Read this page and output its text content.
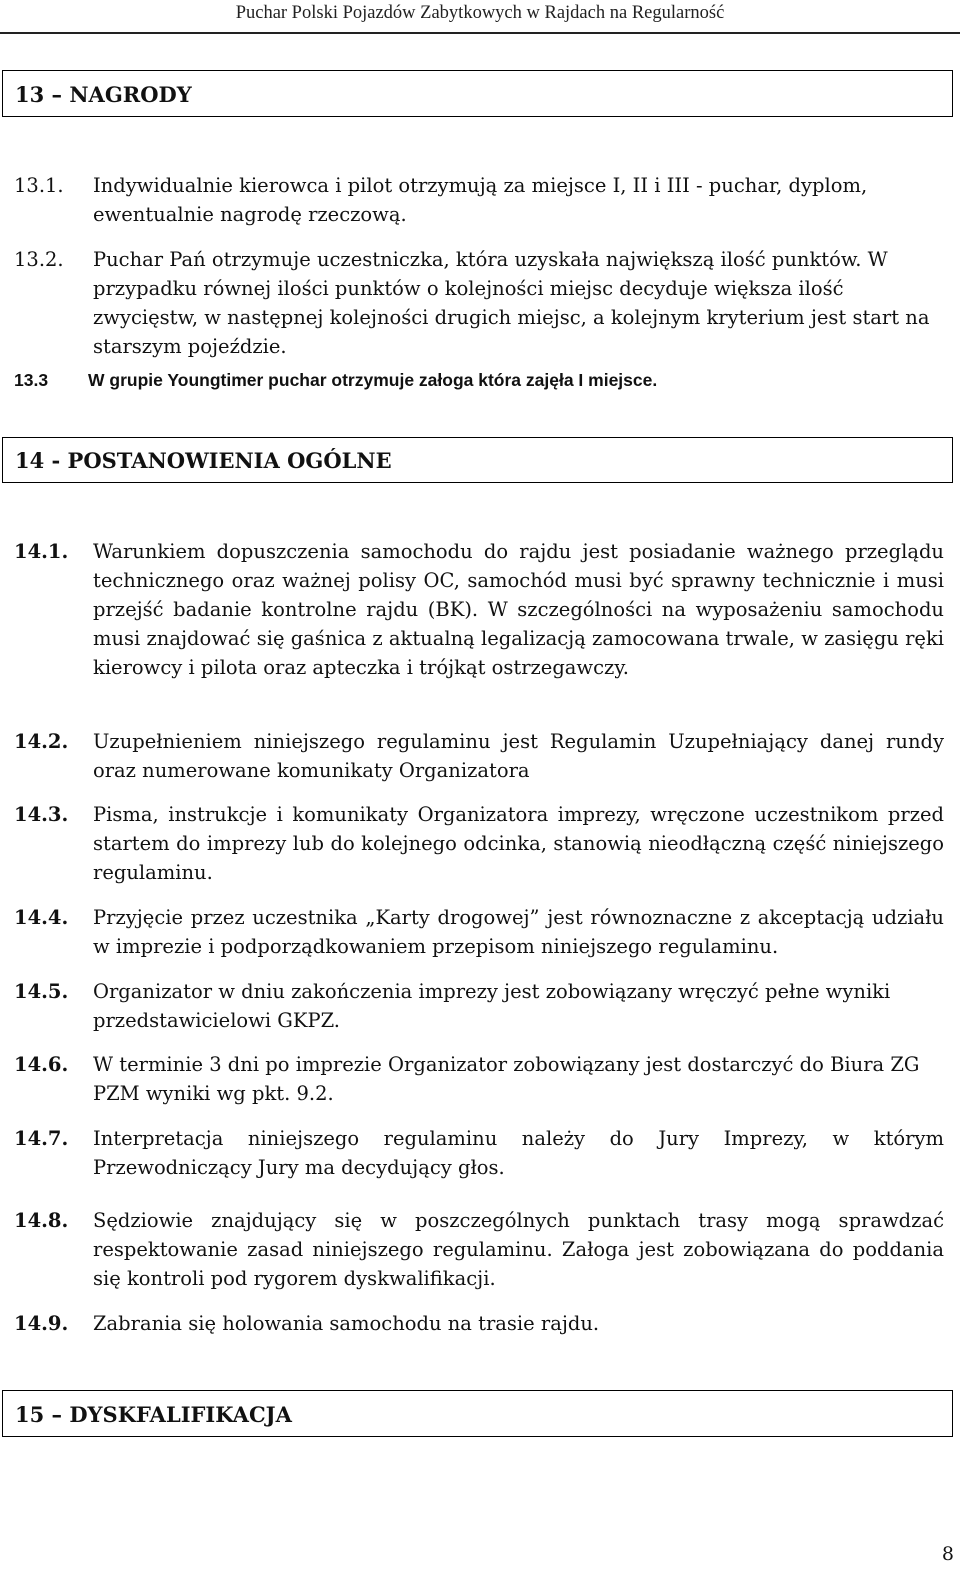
Puchar Polski Pojazdów Zabytkowych w Rajdach na Regularność
13 – NAGRODY
13.1. Indywidualnie kierowca i pilot otrzymują za miejsce I, II i III - puchar, dyplom, ewentualnie nagrodę rzeczową.
13.2. Puchar Pań otrzymuje uczestniczka, która uzyskała największą ilość punktów. W przypadku równej ilości punktów o kolejności miejsc decyduje większa ilość zwycięstw, w następnej kolejności drugich miejsc, a kolejnym kryterium jest start na starszym pojeździe.
13.3 W grupie Youngtimer puchar otrzymuje załoga która zajęła I miejsce.
14 - POSTANOWIENIA OGÓLNE
14.1. Warunkiem dopuszczenia samochodu do rajdu jest posiadanie ważnego przeglądu technicznego oraz ważnej polisy OC, samochód musi być sprawny technicznie i musi przejść badanie kontrolne rajdu (BK). W szczególności na wyposażeniu samochodu musi znajdować się gaśnica z aktualną legalizacją zamocowana trwale, w zasięgu ręki kierowcy i pilota oraz apteczka i trójkąt ostrzegawczy.
14.2. Uzupełnieniem niniejszego regulaminu jest Regulamin Uzupełniający danej rundy oraz numerowane komunikaty Organizatora
14.3. Pisma, instrukcje i komunikaty Organizatora imprezy, wręczone uczestnikom przed startem do imprezy lub do kolejnego odcinka, stanowią nieodłączną część niniejszego regulaminu.
14.4. Przyjęcie przez uczestnika „Karty drogowej” jest równoznaczne z akceptacją udziału w imprezie i podporządkowaniem przepisom niniejszego regulaminu.
14.5. Organizator w dniu zakończenia imprezy jest zobowiązany wręczyć pełne wyniki przedstawicielowi GKPZ.
14.6. W terminie 3 dni po imprezie Organizator zobowiązany jest dostarczyć do Biura ZG PZM wyniki wg pkt. 9.2.
14.7. Interpretacja niniejszego regulaminu należy do Jury Imprezy, w którym Przewodniczący Jury ma decydujący głos.
14.8. Sędziowie znajdujący się w poszczególnych punktach trasy mogą sprawdzać respektowanie zasad niniejszego regulaminu. Załoga jest zobowiązana do poddania się kontroli pod rygorem dyskwalifikacji.
14.9. Zabrania się holowania samochodu na trasie rajdu.
15 – DYSKFALIFIKACJA
8
